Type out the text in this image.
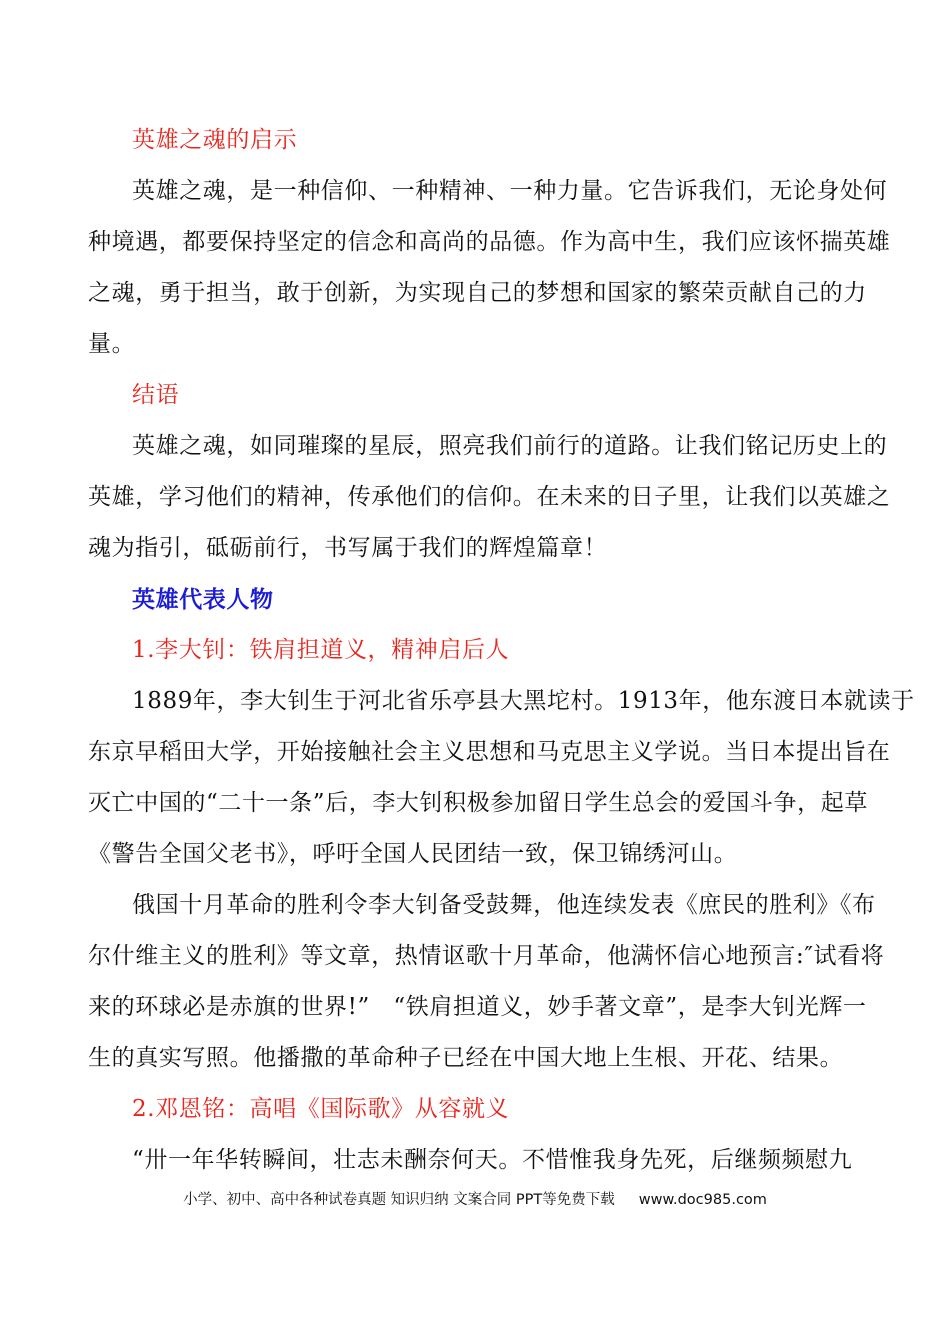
英雄之魂的启示
英雄之魂，是一种信仰、一种精神、一种力量。它告诉我们，无论身处何
种境遇，都要保持坚定的信念和高尚的品德。作为高中生，我们应该怀揣英雄
之魂，勇于担当，敢于创新，为实现自己的梦想和国家的繁荣贡献自己的力
量。
结语
英雄之魂，如同璀璨的星辰，照亮我们前行的道路。让我们铭记历史上的
英雄，学习他们的精神，传承他们的信仰。在未来的日子里，让我们以英雄之
魂为指引，砥砺前行，书写属于我们的辉煌篇章！
英雄代表人物
1.李大钊：铁肩担道义，精神启后人
1889年，李大钊生于河北省乐亭县大黑坨村。1913年，他东渡日本就读于
东京早稻田大学，开始接触社会主义思想和马克思主义学说。当日本提出旨在
灭亡中国的“二十一条”后，李大钊积极参加留日学生总会的爱国斗争，起草
《警告全国父老书》，呼吁全国人民团结一致，保卫锦绣河山。
俄国十月革命的胜利令李大钊备受鼓舞，他连续发表《庶民的胜利》《布
尔什维主义的胜利》等文章，热情讴歌十月革命，他满怀信心地预言:″试看将
来的环球必是赤旗的世界!”　“铁肩担道义，妙手著文章”，是李大钊光辉一
生的真实写照。他播撒的革命种子已经在中国大地上生根、开花、结果。
2.邓恩铭：高唱《国际歌》从容就义
“卅一年华转瞬间，壮志未酬奈何天。不惜惟我身先死，后继频频慰九
小学、初中、高中各种试卷真题 知识归纳 文案合同 PPT等免费下载 www.doc985.com
